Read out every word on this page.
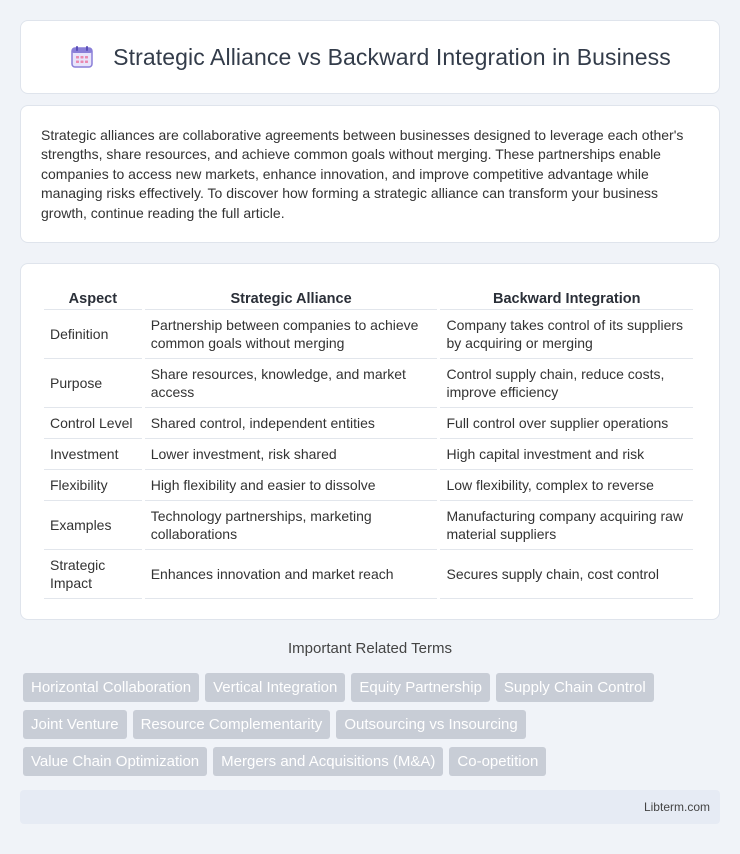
Strategic Alliance vs Backward Integration in Business

Strategic alliances are collaborative agreements between businesses designed to leverage each other's strengths, share resources, and achieve common goals without merging. These partnerships enable companies to access new markets, enhance innovation, and improve competitive advantage while managing risks effectively. To discover how forming a strategic alliance can transform your business growth, continue reading the full article.

Aspect	Strategic Alliance	Backward Integration
Definition	Partnership between companies to achieve common goals without merging	Company takes control of its suppliers by acquiring or merging
Purpose	Share resources, knowledge, and market access	Control supply chain, reduce costs, improve efficiency
Control Level	Shared control, independent entities	Full control over supplier operations
Investment	Lower investment, risk shared	High capital investment and risk
Flexibility	High flexibility and easier to dissolve	Low flexibility, complex to reverse
Examples	Technology partnerships, marketing collaborations	Manufacturing company acquiring raw material suppliers
Strategic Impact	Enhances innovation and market reach	Secures supply chain, cost control
Important Related Terms
Horizontal Collaboration	Vertical Integration	Equity Partnership	Supply Chain Control
Joint Venture	Resource Complementarity	Outsourcing vs Insourcing
Value Chain Optimization	Mergers and Acquisitions (M&A)	Co-opetition
Libterm.com
